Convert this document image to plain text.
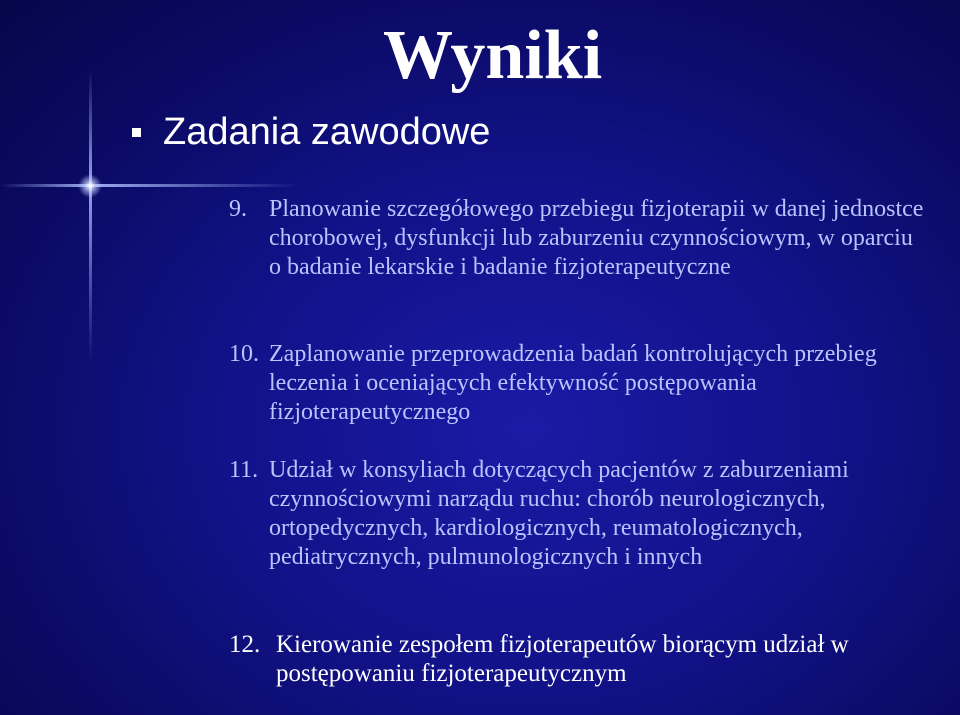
Wyniki
Zadania zawodowe
9. Planowanie szczegółowego przebiegu fizjoterapii w danej jednostce chorobowej, dysfunkcji lub zaburzeniu czynnościowym, w oparciu o badanie lekarskie i badanie fizjoterapeutyczne
10. Zaplanowanie przeprowadzenia badań kontrolujących przebieg leczenia i oceniających efektywność postępowania fizjoterapeutycznego
11. Udział w konsyliach dotyczących pacjentów z zaburzeniami czynnościowymi narządu ruchu: chorób neurologicznych, ortopedycznych, kardiologicznych, reumatologicznych, pediatrycznych, pulmunologicznych i innych
12. Kierowanie zespołem fizjoterapeutów biorącym udział w postępowaniu fizjoterapeutycznym
